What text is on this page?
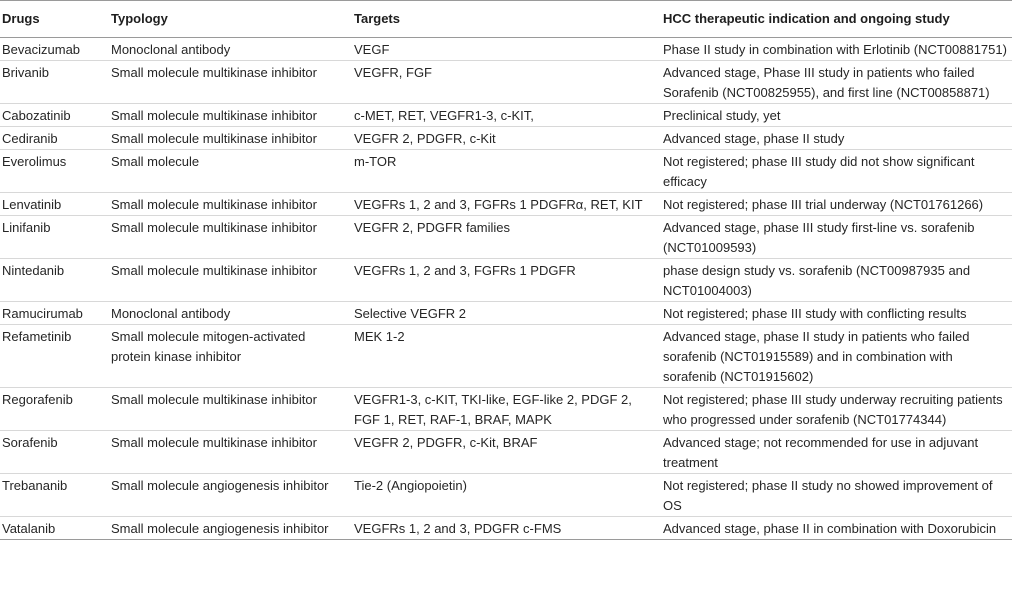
Drugs	Typology	Targets	HCC therapeutic indication and ongoing study
Bevacizumab	Monoclonal antibody	VEGF	Phase II study in combination with Erlotinib (NCT00881751)
Brivanib	Small molecule multikinase inhibitor	VEGFR, FGF	Advanced stage, Phase III study in patients who failed Sorafenib (NCT00825955), and first line (NCT00858871)
Cabozatinib	Small molecule multikinase inhibitor	c-MET, RET, VEGFR1-3, c-KIT,	Preclinical study, yet
Cediranib	Small molecule multikinase inhibitor	VEGFR 2, PDGFR, c-Kit	Advanced stage, phase II study
Everolimus	Small molecule	m-TOR	Not registered; phase III study did not show significant efficacy
Lenvatinib	Small molecule multikinase inhibitor	VEGFRs 1, 2 and 3, FGFRs 1 PDGFRα, RET, KIT	Not registered; phase III trial underway (NCT01761266)
Linifanib	Small molecule multikinase inhibitor	VEGFR 2, PDGFR families	Advanced stage, phase III study first-line vs. sorafenib (NCT01009593)
Nintedanib	Small molecule multikinase inhibitor	VEGFRs 1, 2 and 3, FGFRs 1 PDGFR	phase design study vs. sorafenib (NCT00987935 and NCT01004003)
Ramucirumab	Monoclonal antibody	Selective VEGFR 2	Not registered; phase III study with conflicting results
Refametinib	Small molecule mitogen-activated protein kinase inhibitor	MEK 1-2	Advanced stage, phase II study in patients who failed sorafenib (NCT01915589) and in combination with sorafenib (NCT01915602)
Regorafenib	Small molecule multikinase inhibitor	VEGFR1-3, c-KIT, TKI-like, EGF-like 2, PDGF 2, FGF 1, RET, RAF-1, BRAF, MAPK	Not registered; phase III study underway recruiting patients who progressed under sorafenib (NCT01774344)
Sorafenib	Small molecule multikinase inhibitor	VEGFR 2, PDGFR, c-Kit, BRAF	Advanced stage; not recommended for use in adjuvant treatment
Trebananib	Small molecule angiogenesis inhibitor	Tie-2 (Angiopoietin)	Not registered; phase II study no showed improvement of OS
Vatalanib	Small molecule angiogenesis inhibitor	VEGFRs 1, 2 and 3, PDGFR c-FMS	Advanced stage, phase II in combination with Doxorubicin
